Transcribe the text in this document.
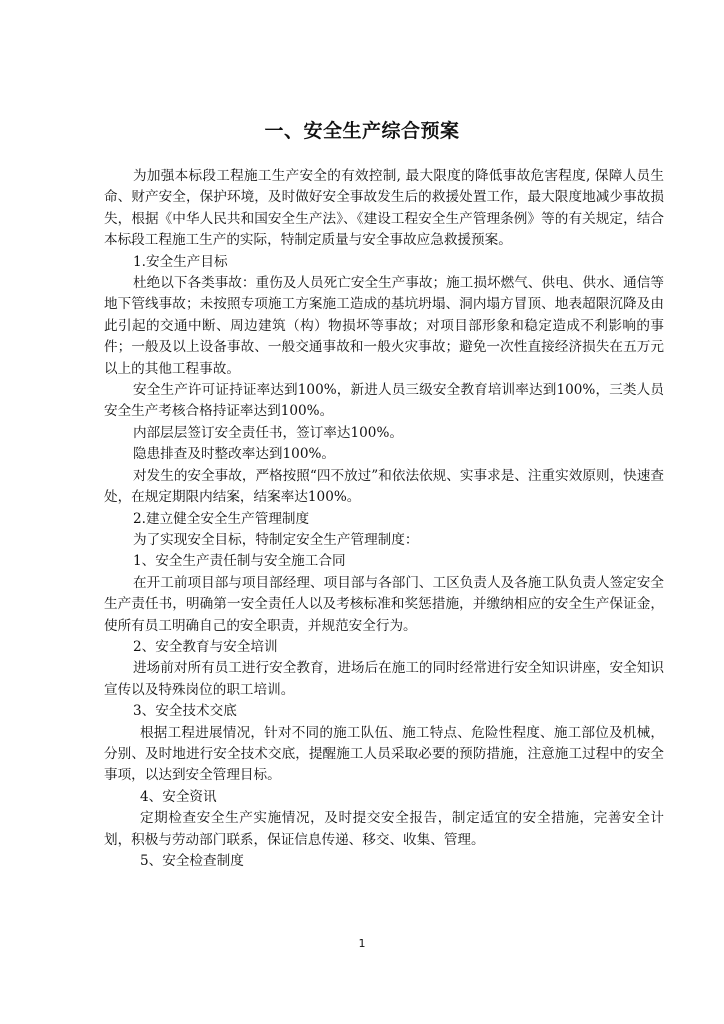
一、安全生产综合预案

为加强本标段工程施工生产安全的有效控制, 最大限度的降低事故危害程度, 保障人员生命、财产安全，保护环境，及时做好安全事故发生后的救援处置工作，最大限度地减少事故损失，根据《中华人民共和国安全生产法》、《建设工程安全生产管理条例》等的有关规定，结合本标段工程施工生产的实际，特制定质量与安全事故应急救援预案。

1.安全生产目标

杜绝以下各类事故：重伤及人员死亡安全生产事故；施工损坏燃气、供电、供水、通信等地下管线事故；未按照专项施工方案施工造成的基坑坍塌、洞内塌方冒顶、地表超限沉降及由此引起的交通中断、周边建筑（构）物损坏等事故；对项目部形象和稳定造成不利影响的事件；一般及以上设备事故、一般交通事故和一般火灾事故；避免一次性直接经济损失在五万元以上的其他工程事故。

安全生产许可证持证率达到100%，新进人员三级安全教育培训率达到100%，三类人员安全生产考核合格持证率达到100%。

内部层层签订安全责任书，签订率达100%。

隐患排查及时整改率达到100%。

对发生的安全事故，严格按照“四不放过”和依法依规、实事求是、注重实效原则，快速查处，在规定期限内结案，结案率达100%。

2.建立健全安全生产管理制度

为了实现安全目标，特制定安全生产管理制度：

1、安全生产责任制与安全施工合同

在开工前项目部与项目部经理、项目部与各部门、工区负责人及各施工队负责人签定安全生产责任书，明确第一安全责任人以及考核标准和奖惩措施，并缴纳相应的安全生产保证金，使所有员工明确自己的安全职责，并规范安全行为。

2、安全教育与安全培训

进场前对所有员工进行安全教育，进场后在施工的同时经常进行安全知识讲座，安全知识宣传以及特殊岗位的职工培训。

3、安全技术交底

根据工程进展情况，针对不同的施工队伍、施工特点、危险性程度、施工部位及机械，分别、及时地进行安全技术交底，提醒施工人员采取必要的预防措施，注意施工过程中的安全事项，以达到安全管理目标。

4、安全资讯

定期检查安全生产实施情况，及时提交安全报告，制定适宜的安全措施，完善安全计划，积极与劳动部门联系，保证信息传递、移交、收集、管理。

5、安全检查制度

1
